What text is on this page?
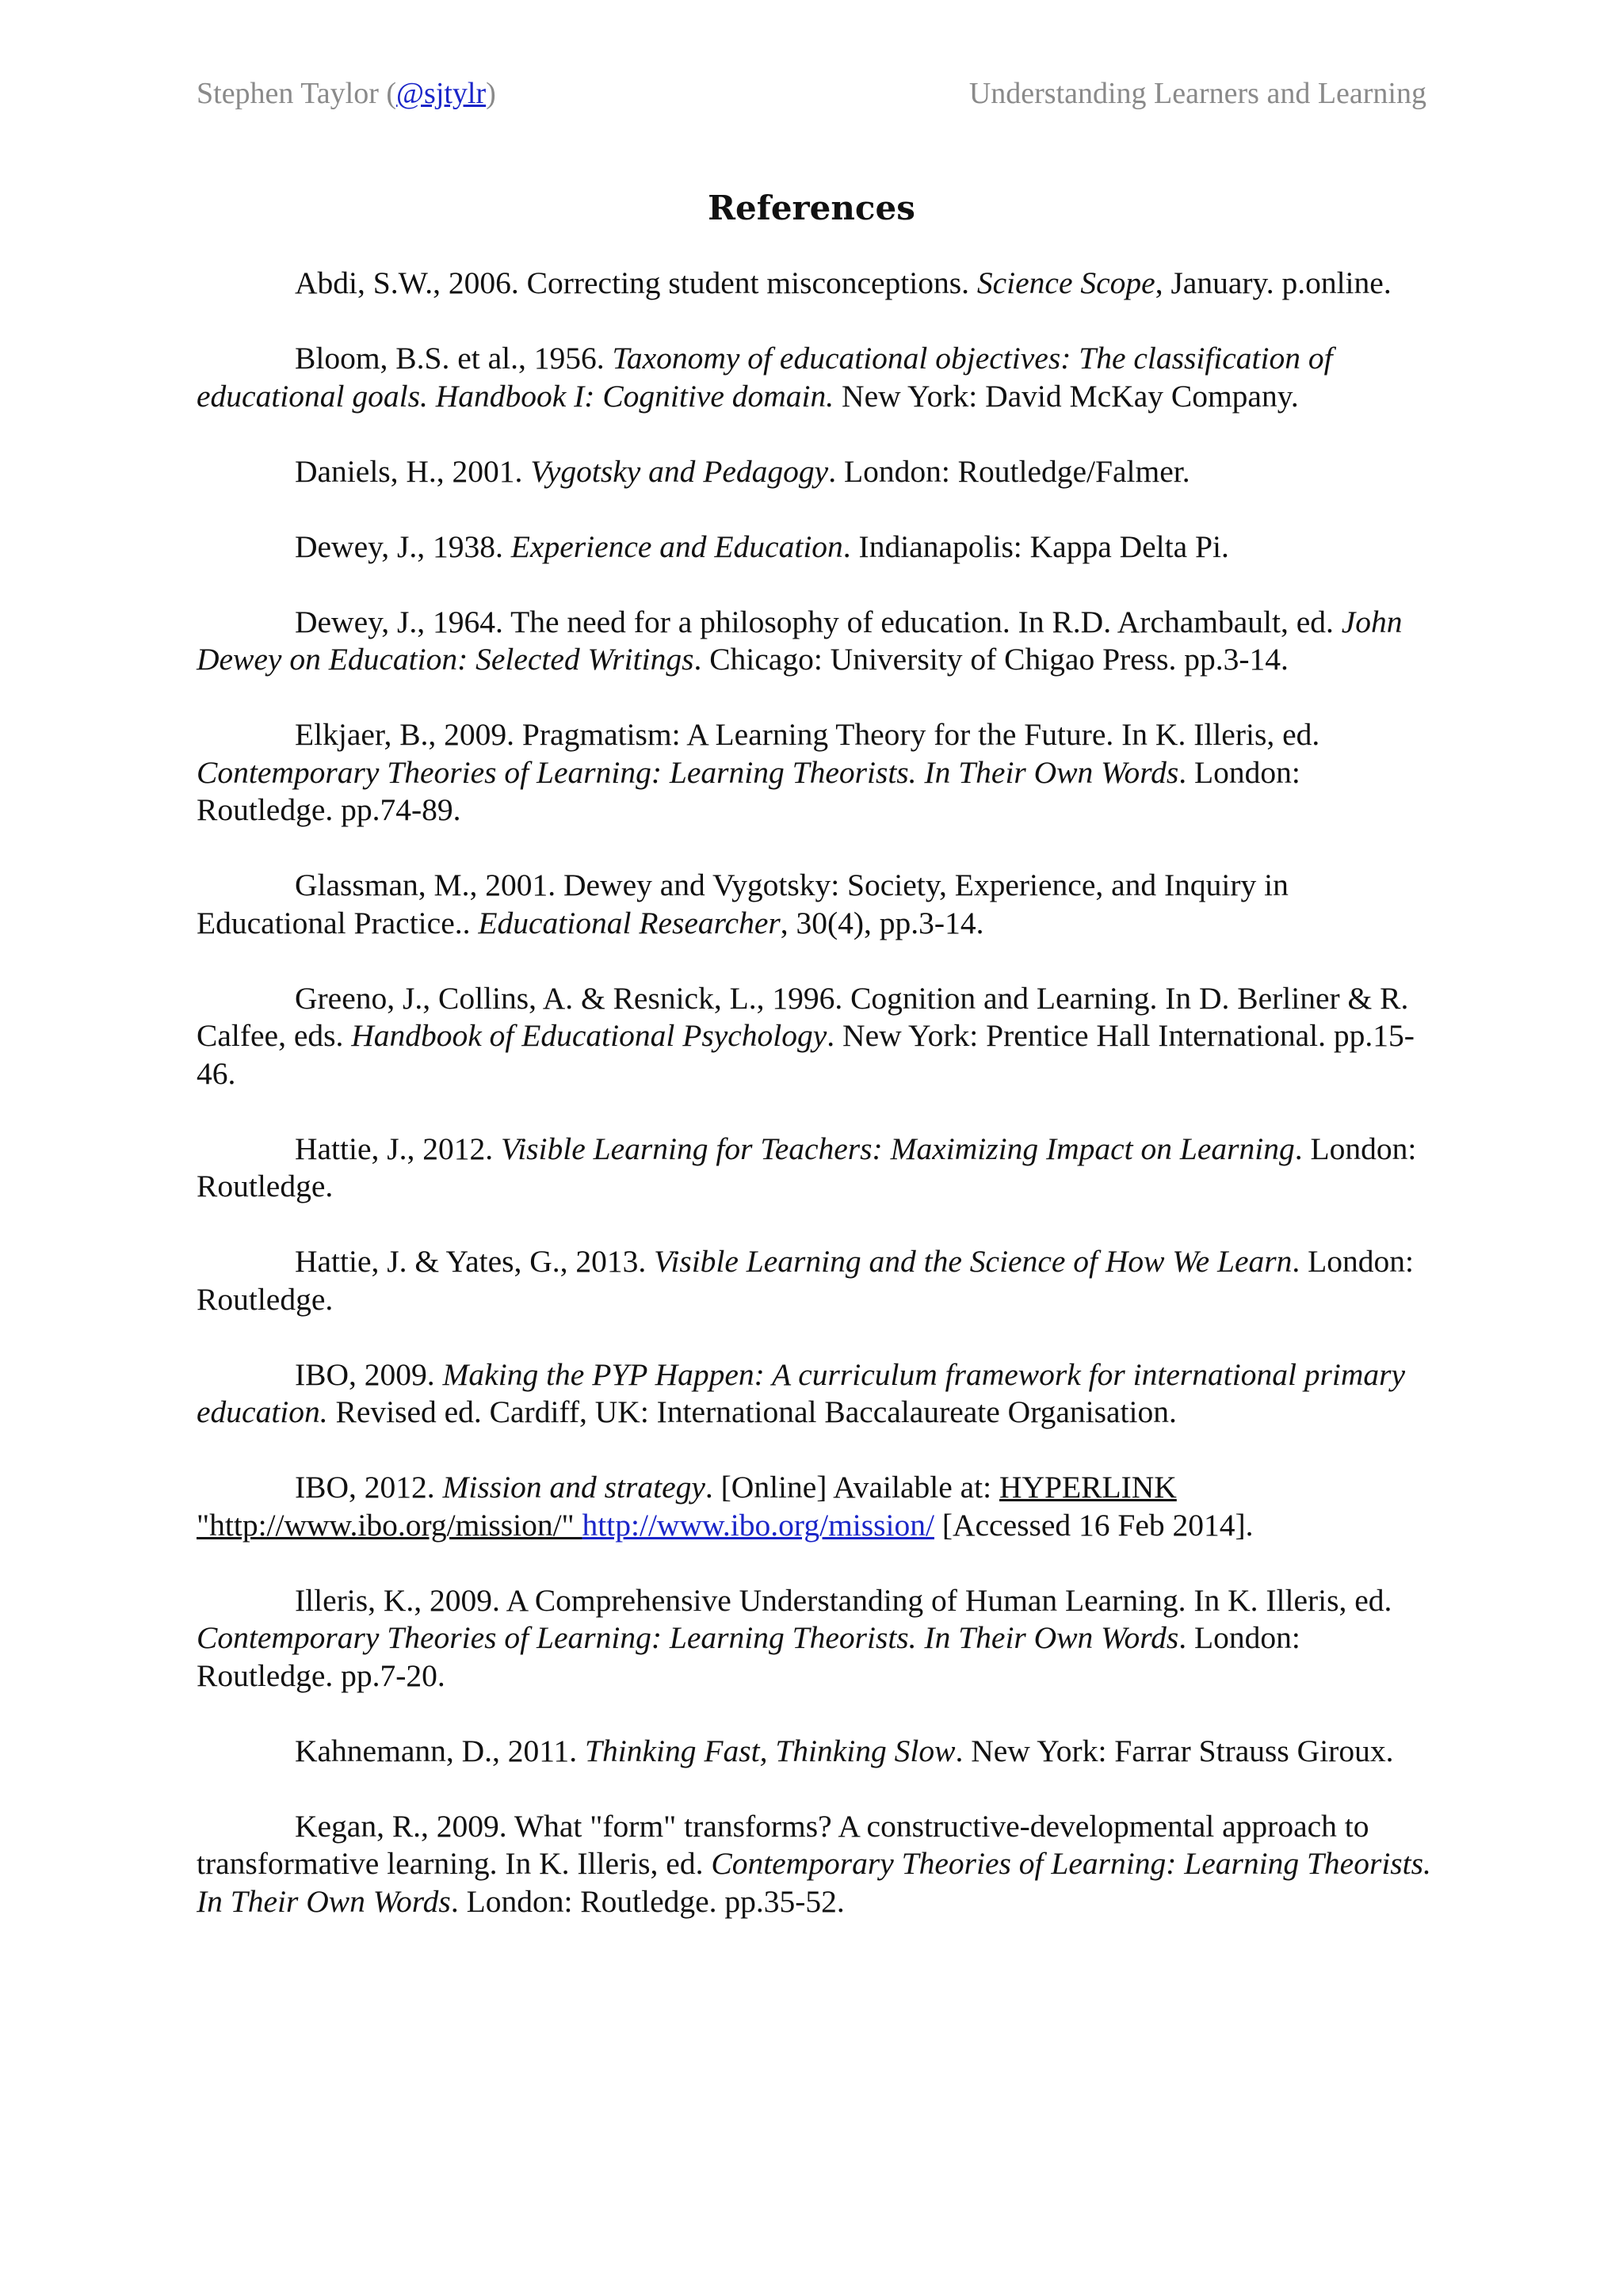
Stephen Taylor (@sjtylr)	Understanding Learners and Learning
References

Abdi, S.W., 2006. Correcting student misconceptions. Science Scope, January. p.online.

Bloom, B.S. et al., 1956. Taxonomy of educational objectives: The classification of educational goals. Handbook I: Cognitive domain. New York: David McKay Company.

Daniels, H., 2001. Vygotsky and Pedagogy. London: Routledge/Falmer.

Dewey, J., 1938. Experience and Education. Indianapolis: Kappa Delta Pi.

Dewey, J., 1964. The need for a philosophy of education. In R.D. Archambault, ed. John Dewey on Education: Selected Writings. Chicago: University of Chigao Press. pp.3-14.

Elkjaer, B., 2009. Pragmatism: A Learning Theory for the Future. In K. Illeris, ed. Contemporary Theories of Learning: Learning Theorists. In Their Own Words. London: Routledge. pp.74-89.

Glassman, M., 2001. Dewey and Vygotsky: Society, Experience, and Inquiry in Educational Practice.. Educational Researcher, 30(4), pp.3-14.

Greeno, J., Collins, A. & Resnick, L., 1996. Cognition and Learning. In D. Berliner & R. Calfee, eds. Handbook of Educational Psychology. New York: Prentice Hall International. pp.15-46.

Hattie, J., 2012. Visible Learning for Teachers: Maximizing Impact on Learning. London: Routledge.

Hattie, J. & Yates, G., 2013. Visible Learning and the Science of How We Learn. London: Routledge.

IBO, 2009. Making the PYP Happen: A curriculum framework for international primary education. Revised ed. Cardiff, UK: International Baccalaureate Organisation.

IBO, 2012. Mission and strategy. [Online] Available at: HYPERLINK "http://www.ibo.org/mission/" http://www.ibo.org/mission/ [Accessed 16 Feb 2014].

Illeris, K., 2009. A Comprehensive Understanding of Human Learning. In K. Illeris, ed. Contemporary Theories of Learning: Learning Theorists. In Their Own Words. London: Routledge. pp.7-20.

Kahnemann, D., 2011. Thinking Fast, Thinking Slow. New York: Farrar Strauss Giroux.

Kegan, R., 2009. What "form" transforms? A constructive-developmental approach to transformative learning. In K. Illeris, ed. Contemporary Theories of Learning: Learning Theorists. In Their Own Words. London: Routledge. pp.35-52.
